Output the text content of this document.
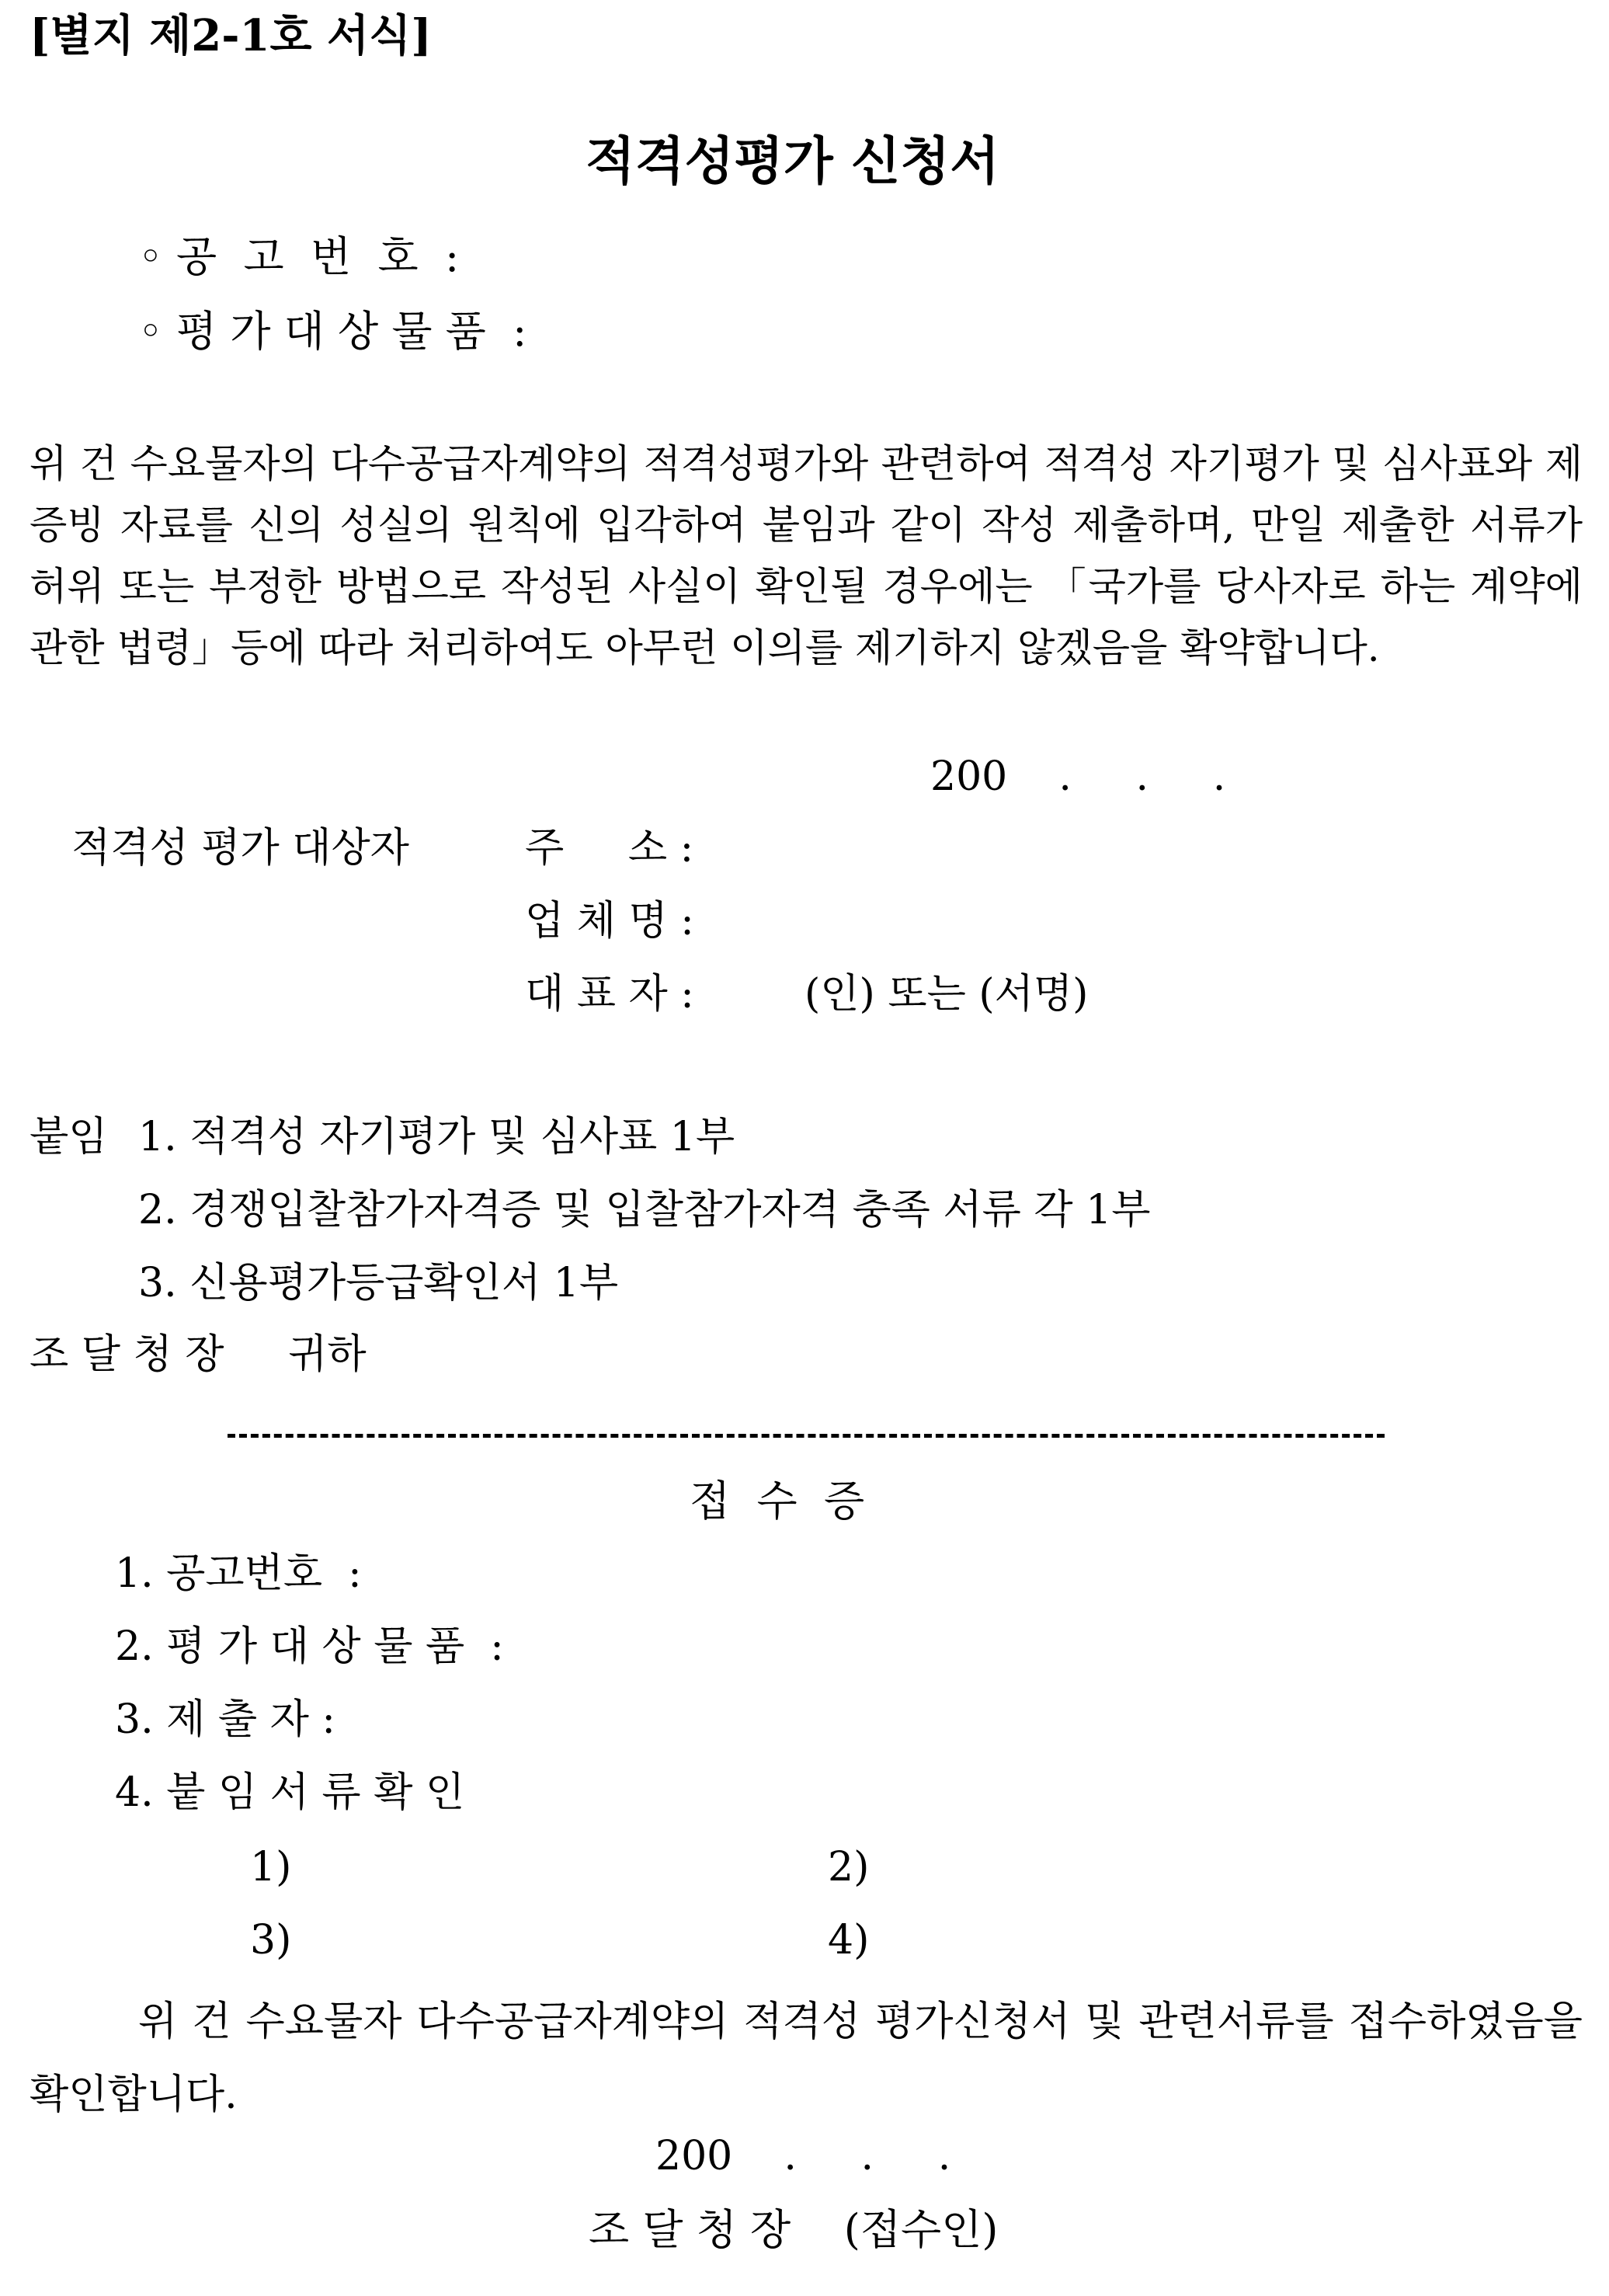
[별지 제2-1호 서식]
적격성평가 신청서
◦ 공  고  번  호  :
◦ 평 가 대 상 물 품  :
위 건 수요물자의 다수공급자계약의 적격성평가와 관련하여 적격성 자기평가 및 심사표와 제증빙 자료를 신의 성실의 원칙에 입각하여 붙임과 같이 작성 제출하며, 만일 제출한 서류가 허위 또는 부정한 방법으로 작성된 사실이 확인될 경우에는 「국가를 당사자로 하는 계약에 관한 법령」등에 따라 처리하여도 아무런 이의를 제기하지 않겠음을 확약합니다.
200    .     .     .
적격성 평가 대상자	주     소 :
업 체 명 :
대 표 자 :	(인) 또는 (서명)
붙임 1. 적격성 자기평가 및 심사표 1부
2. 경쟁입찰참가자격증 및 입찰참가자격 충족 서류 각 1부
3. 신용평가등급확인서 1부
조 달 청 장     귀하
접  수  증
1. 공고번호  :
2. 평 가 대 상 물 품  :
3. 제 출 자 :
4. 붙 임 서 류 확 인
1)	2)
3)	4)
위 건 수요물자 다수공급자계약의 적격성 평가신청서 및 관련서류를 접수하였음을 확인합니다.
200    .     .     .
조 달 청 장    (접수인)
